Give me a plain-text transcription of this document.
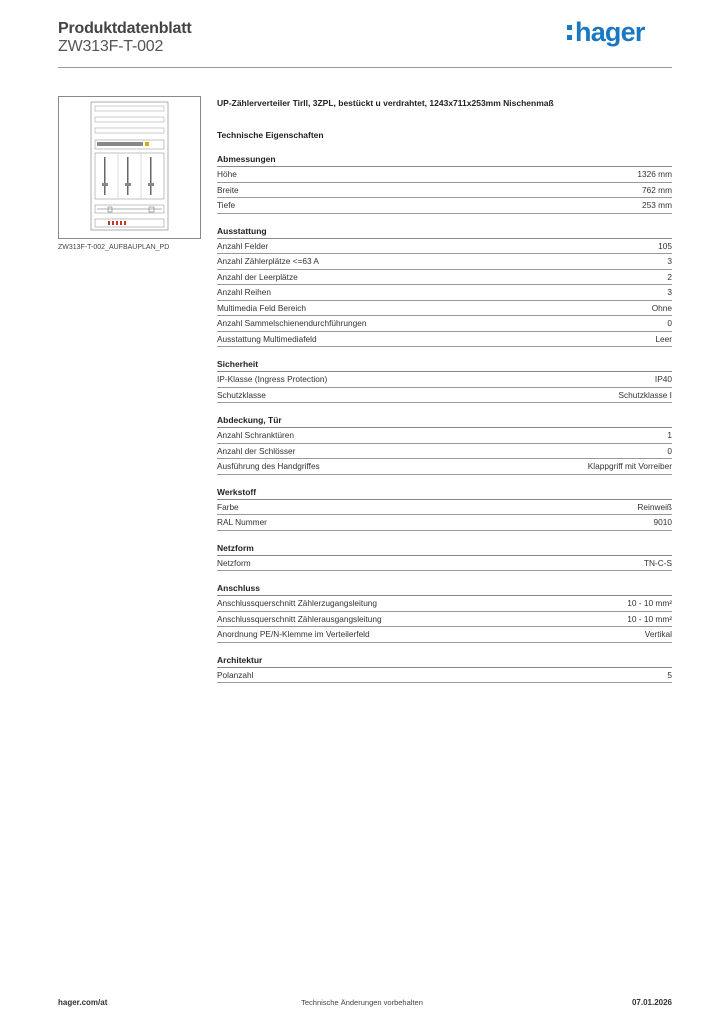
Produktdatenblatt
ZW313F-T-002	hager
ZW313F-T-002_AUFBAUPLAN_PD
UP-Zählerverteiler Tirll, 3ZPL, bestückt u verdrahtet, 1243x711x253mm Nischenmaß
Technische Eigenschaften
Abmessungen
Höhe	1326 mm
Breite	762 mm
Tiefe	253 mm
Ausstattung
Anzahl Felder	105
Anzahl Zählerplätze <=63 A	3
Anzahl der Leerplätze	2
Anzahl Reihen	3
Multimedia Feld Bereich	Ohne
Anzahl Sammelschienendurchführungen	0
Ausstattung Multimediafeld	Leer
Sicherheit
IP-Klasse (Ingress Protection)	IP40
Schutzklasse	Schutzklasse I
Abdeckung, Tür
Anzahl Schranktüren	1
Anzahl der Schlösser	0
Ausführung des Handgriffes	Klappgriff mit Vorreiber
Werkstoff
Farbe	Reinweiß
RAL Nummer	9010
Netzform
Netzform	TN-C-S
Anschluss
Anschlussquerschnitt Zählerzugangsleitung	10 - 10 mm²
Anschlussquerschnitt Zählerausgangsleitung	10 - 10 mm²
Anordnung PE/N-Klemme im Verteilerfeld	Vertikal
Architektur
Polanzahl	5
hager.com/at	Technische Änderungen vorbehalten	07.01.2026
